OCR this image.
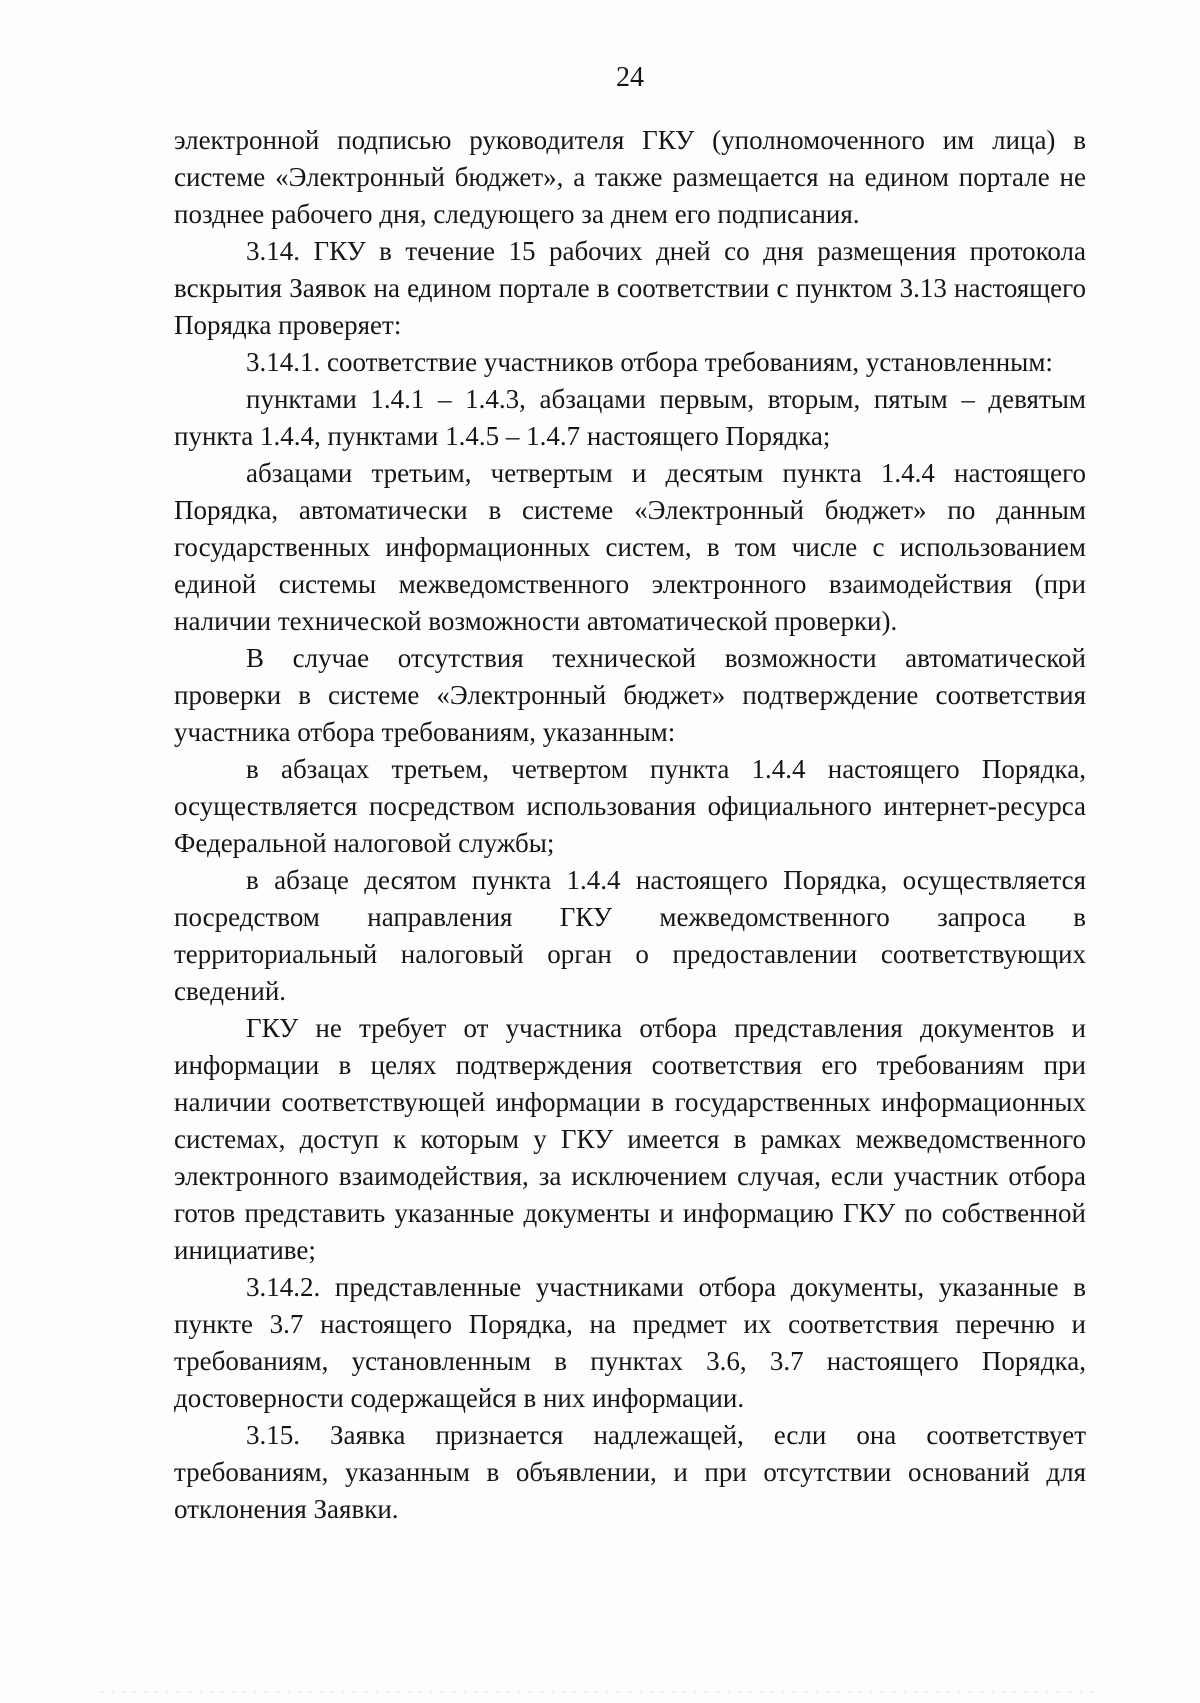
24

электронной подписью руководителя ГКУ (уполномоченного им лица) в системе «Электронный бюджет», а также размещается на едином портале не позднее рабочего дня, следующего за днем его подписания.

3.14. ГКУ в течение 15 рабочих дней со дня размещения протокола вскрытия Заявок на едином портале в соответствии с пунктом 3.13 настоящего Порядка проверяет:

3.14.1. соответствие участников отбора требованиям, установленным:

пунктами 1.4.1 – 1.4.3, абзацами первым, вторым, пятым – девятым пункта 1.4.4, пунктами 1.4.5 – 1.4.7 настоящего Порядка;

абзацами третьим, четвертым и десятым пункта 1.4.4 настоящего Порядка, автоматически в системе «Электронный бюджет» по данным государственных информационных систем, в том числе с использованием единой системы межведомственного электронного взаимодействия (при наличии технической возможности автоматической проверки).

В случае отсутствия технической возможности автоматической проверки в системе «Электронный бюджет» подтверждение соответствия участника отбора требованиям, указанным:

в абзацах третьем, четвертом пункта 1.4.4 настоящего Порядка, осуществляется посредством использования официального интернет-ресурса Федеральной налоговой службы;

в абзаце десятом пункта 1.4.4 настоящего Порядка, осуществляется посредством направления ГКУ межведомственного запроса в территориальный налоговый орган о предоставлении соответствующих сведений.

ГКУ не требует от участника отбора представления документов и информации в целях подтверждения соответствия его требованиям при наличии соответствующей информации в государственных информационных системах, доступ к которым у ГКУ имеется в рамках межведомственного электронного взаимодействия, за исключением случая, если участник отбора готов представить указанные документы и информацию ГКУ по собственной инициативе;

3.14.2. представленные участниками отбора документы, указанные в пункте 3.7 настоящего Порядка, на предмет их соответствия перечню и требованиям, установленным в пунктах 3.6, 3.7 настоящего Порядка, достоверности содержащейся в них информации.

3.15. Заявка признается надлежащей, если она соответствует требованиям, указанным в объявлении, и при отсутствии оснований для отклонения Заявки.
